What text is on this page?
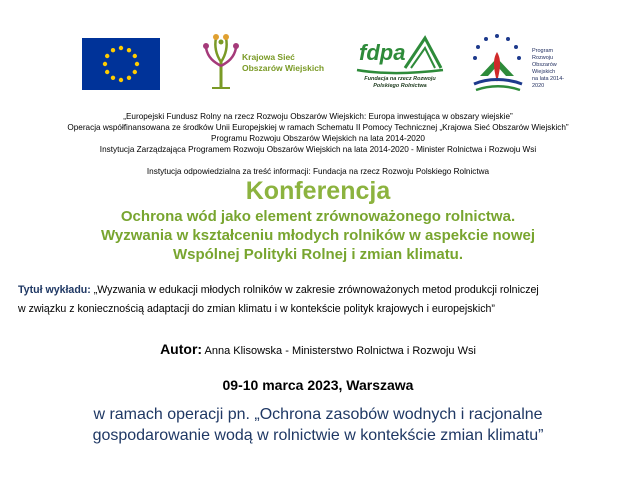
Krajowa Sieć
Obszarów Wiejskich
fdpa
Fundacja na rzecz Rozwoju
Polskiego Rolnictwa
Program
Rozwoju
Obszarów
Wiejskich
na lata 2014-2020
„Europejski Fundusz Rolny na rzecz Rozwoju Obszarów Wiejskich: Europa inwestująca w obszary wiejskie”
Operacja współfinansowana ze środków Unii Europejskiej w ramach Schematu II Pomocy Technicznej „Krajowa Sieć Obszarów Wiejskich”
Programu Rozwoju Obszarów Wiejskich na lata 2014-2020
Instytucja Zarządzająca Programem Rozwoju Obszarów Wiejskich na lata 2014-2020 - Minister Rolnictwa i Rozwoju Wsi
Instytucja odpowiedzialna za treść informacji: Fundacja na rzecz Rozwoju Polskiego Rolnictwa
Konferencja
Ochrona wód jako element zrównoważonego rolnictwa.
Wyzwania w kształceniu młodych rolników w aspekcie nowej
Wspólnej Polityki Rolnej i zmian klimatu.
Tytuł wykładu: „Wyzwania w edukacji młodych rolników w zakresie zrównoważonych metod produkcji rolniczej
w związku z koniecznością adaptacji do zmian klimatu i w kontekście polityk krajowych i europejskich”
Autor: Anna Klisowska - Ministerstwo Rolnictwa i Rozwoju Wsi
09-10 marca 2023, Warszawa
w ramach operacji pn. „Ochrona zasobów wodnych i racjonalne
gospodarowanie wodą w rolnictwie w kontekście zmian klimatu”
